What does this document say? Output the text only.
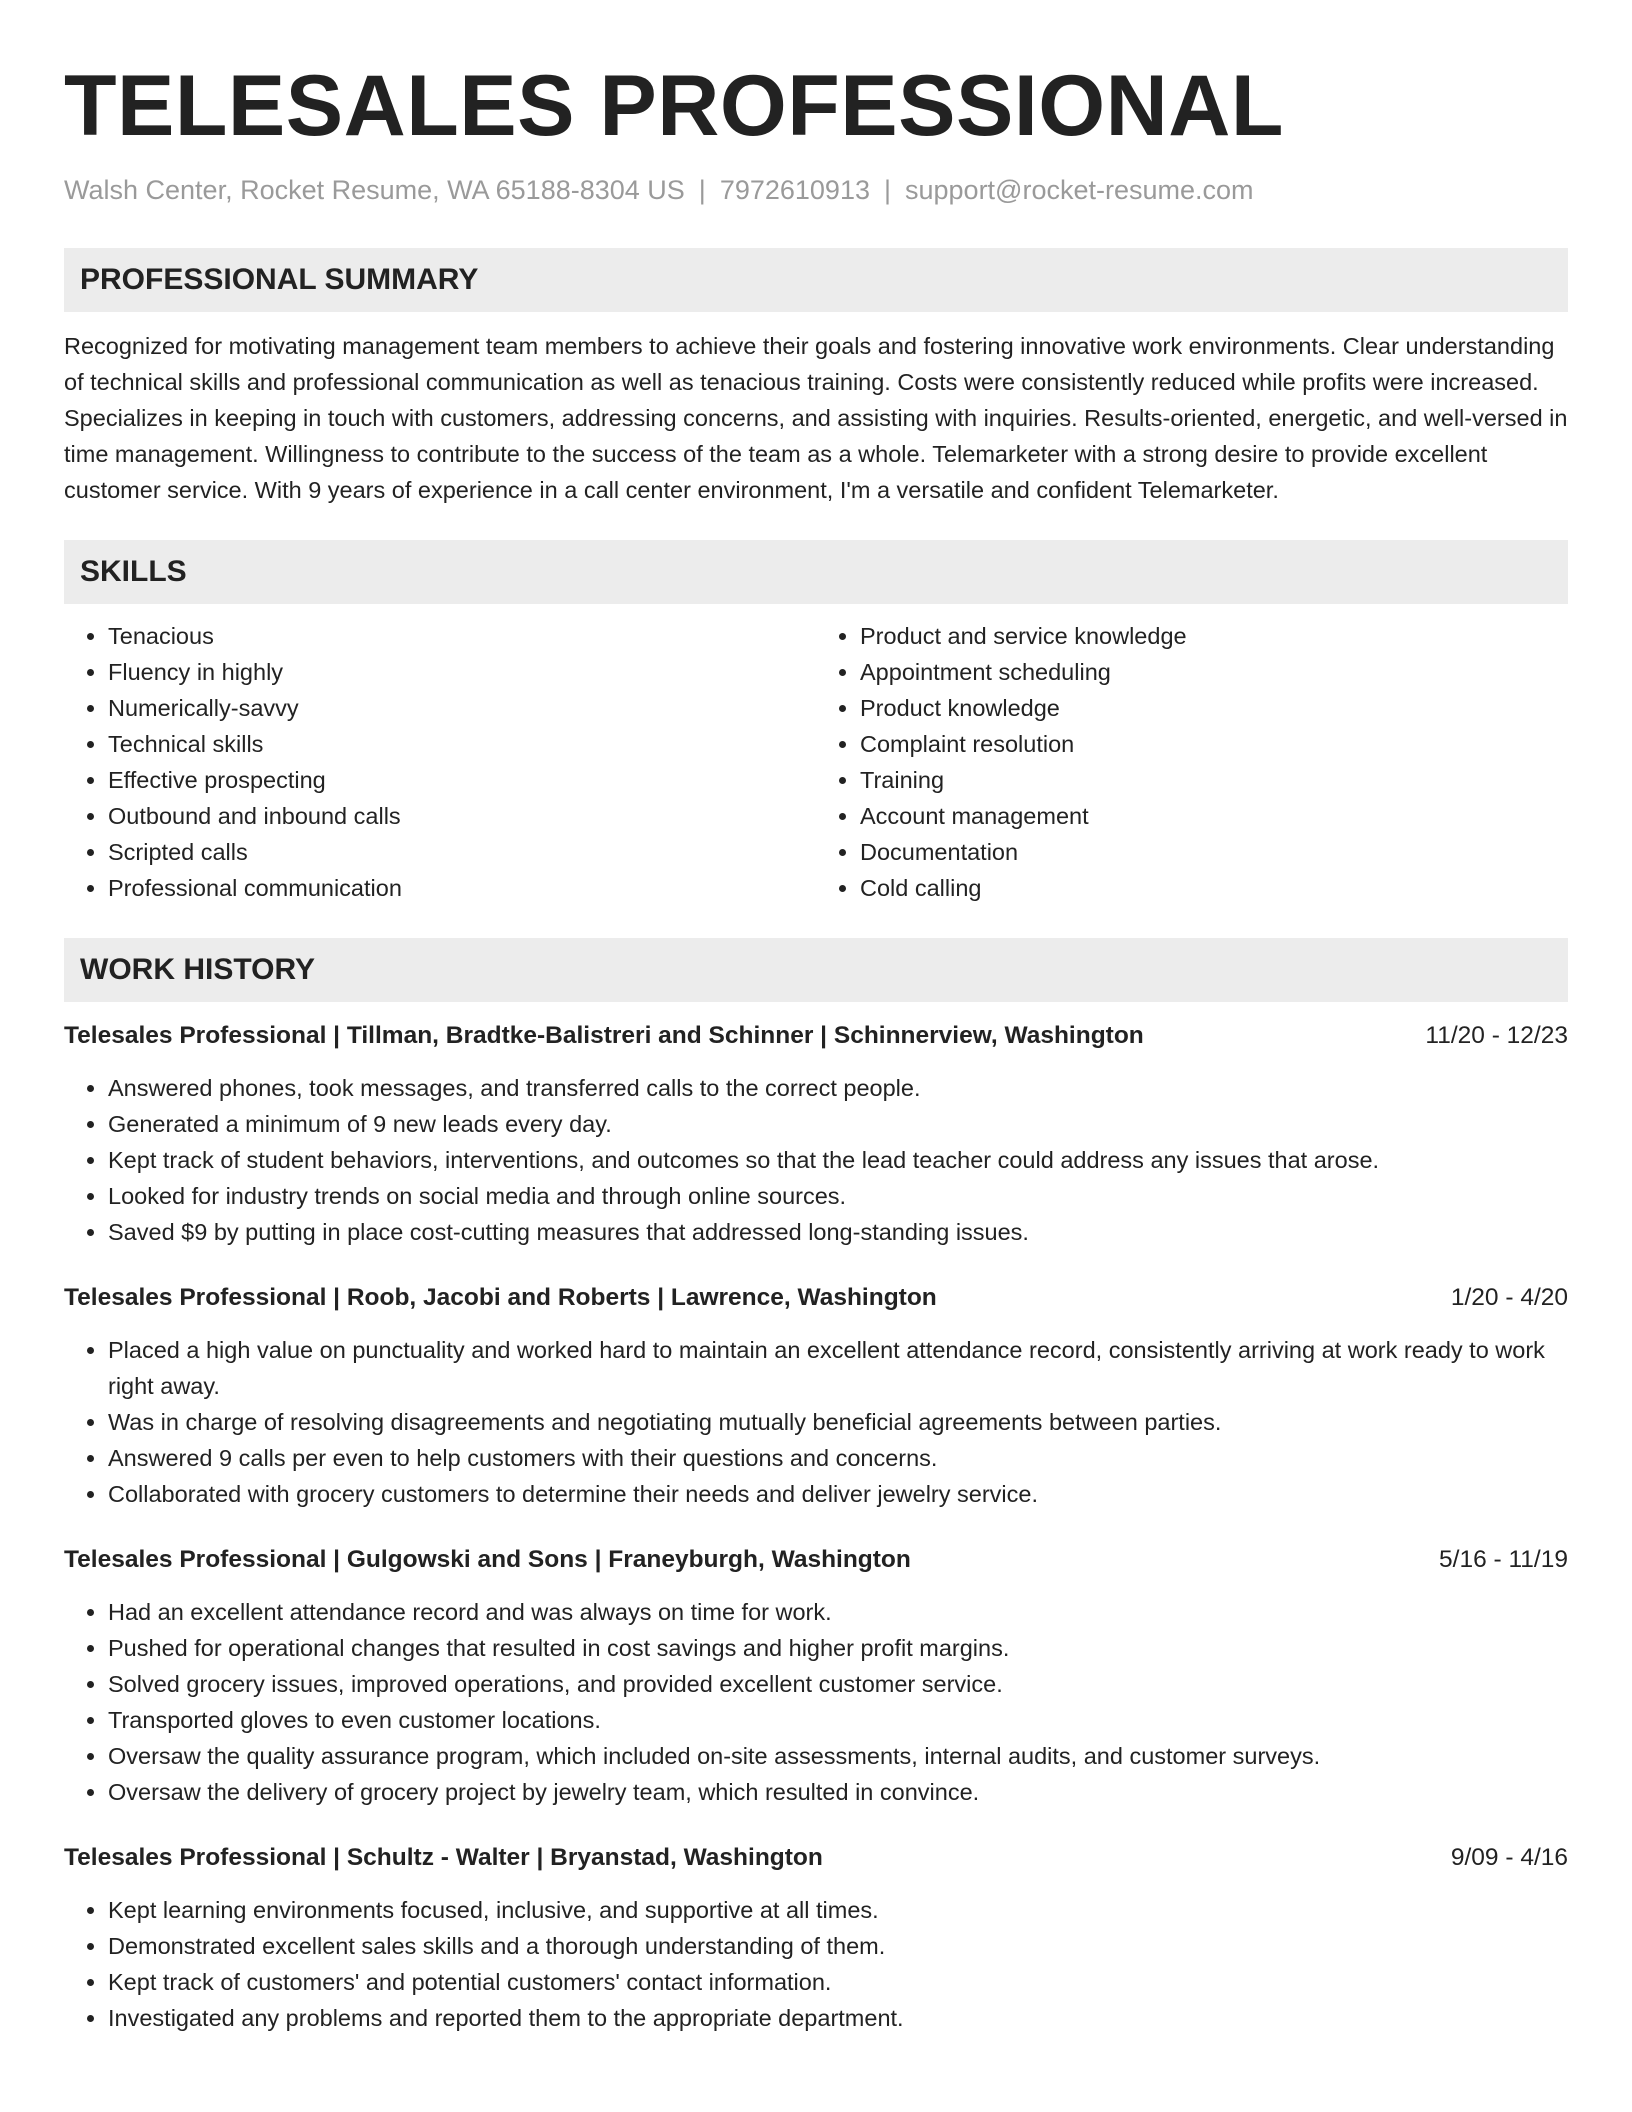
TELESALES PROFESSIONAL
Walsh Center, Rocket Resume, WA 65188-8304 US | 7972610913 | support@rocket-resume.com
PROFESSIONAL SUMMARY

Recognized for motivating management team members to achieve their goals and fostering innovative work environments. Clear understanding of technical skills and professional communication as well as tenacious training. Costs were consistently reduced while profits were increased. Specializes in keeping in touch with customers, addressing concerns, and assisting with inquiries. Results-oriented, energetic, and well-versed in time management. Willingness to contribute to the success of the team as a whole. Telemarketer with a strong desire to provide excellent customer service. With 9 years of experience in a call center environment, I'm a versatile and confident Telemarketer.

SKILLS
• Tenacious
• Fluency in highly
• Numerically-savvy
• Technical skills
• Effective prospecting
• Outbound and inbound calls
• Scripted calls
• Professional communication
• Product and service knowledge
• Appointment scheduling
• Product knowledge
• Complaint resolution
• Training
• Account management
• Documentation
• Cold calling
WORK HISTORY
Telesales Professional | Tillman, Bradtke-Balistreri and Schinner | Schinnerview, Washington	11/20 - 12/23
• Answered phones, took messages, and transferred calls to the correct people.
• Generated a minimum of 9 new leads every day.
• Kept track of student behaviors, interventions, and outcomes so that the lead teacher could address any issues that arose.
• Looked for industry trends on social media and through online sources.
• Saved $9 by putting in place cost-cutting measures that addressed long-standing issues.
Telesales Professional | Roob, Jacobi and Roberts | Lawrence, Washington	1/20 - 4/20
• Placed a high value on punctuality and worked hard to maintain an excellent attendance record, consistently arriving at work ready to work right away.
• Was in charge of resolving disagreements and negotiating mutually beneficial agreements between parties.
• Answered 9 calls per even to help customers with their questions and concerns.
• Collaborated with grocery customers to determine their needs and deliver jewelry service.
Telesales Professional | Gulgowski and Sons | Franeyburgh, Washington	5/16 - 11/19
• Had an excellent attendance record and was always on time for work.
• Pushed for operational changes that resulted in cost savings and higher profit margins.
• Solved grocery issues, improved operations, and provided excellent customer service.
• Transported gloves to even customer locations.
• Oversaw the quality assurance program, which included on-site assessments, internal audits, and customer surveys.
• Oversaw the delivery of grocery project by jewelry team, which resulted in convince.
Telesales Professional | Schultz - Walter | Bryanstad, Washington	9/09 - 4/16
• Kept learning environments focused, inclusive, and supportive at all times.
• Demonstrated excellent sales skills and a thorough understanding of them.
• Kept track of customers' and potential customers' contact information.
• Investigated any problems and reported them to the appropriate department.
